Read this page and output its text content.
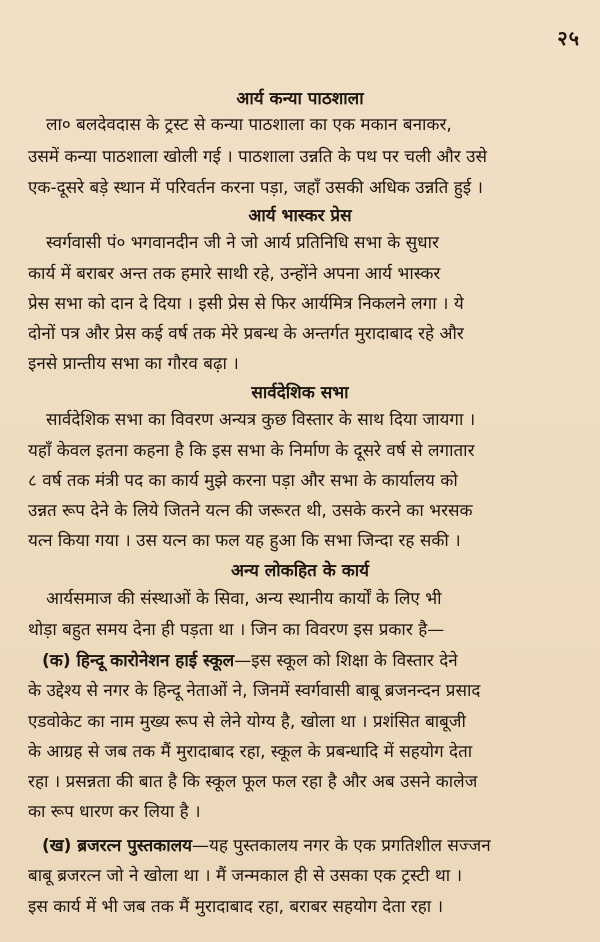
२५
आर्य कन्या पाठशाला
ला० बलदेवदास के ट्रस्ट से कन्या पाठशाला का एक मकान बनाकर,
उसमें कन्या पाठशाला खोली गई । पाठशाला उन्नति के पथ पर चली और उसे
एक-दूसरे बड़े स्थान में परिवर्तन करना पड़ा, जहाँ उसकी अधिक उन्नति हुई ।
आर्य भास्कर प्रेस
स्वर्गवासी पं० भगवानदीन जी ने जो आर्य प्रतिनिधि सभा के सुधार
कार्य में बराबर अन्त तक हमारे साथी रहे, उन्होंने अपना आर्य भास्कर
प्रेस सभा को दान दे दिया । इसी प्रेस से फिर आर्यमित्र निकलने लगा । ये
दोनों पत्र और प्रेस कई वर्ष तक मेरे प्रबन्ध के अन्तर्गत मुरादाबाद रहे और
इनसे प्रान्तीय सभा का गौरव बढ़ा ।
सार्वदेशिक सभा
सार्वदेशिक सभा का विवरण अन्यत्र कुछ विस्तार के साथ दिया जायगा ।
यहाँ केवल इतना कहना है कि इस सभा के निर्माण के दूसरे वर्ष से लगातार
८ वर्ष तक मंत्री पद का कार्य मुझे करना पड़ा और सभा के कार्यालय को
उन्नत रूप देने के लिये जितने यत्न की जरूरत थी, उसके करने का भरसक
यत्न किया गया । उस यत्न का फल यह हुआ कि सभा जिन्दा रह सकी ।
अन्य लोकहित के कार्य
आर्यसमाज की संस्थाओं के सिवा, अन्य स्थानीय कार्यों के लिए भी
थोड़ा बहुत समय देना ही पड़ता था । जिन का विवरण इस प्रकार है—
(क) हिन्दू कारोनेशन हाई स्कूल—इस स्कूल को शिक्षा के विस्तार देने
के उद्देश्य से नगर के हिन्दू नेताओं ने, जिनमें स्वर्गवासी बाबू ब्रजनन्दन प्रसाद
एडवोकेट का नाम मुख्य रूप से लेने योग्य है, खोला था । प्रशंसित बाबूजी
के आग्रह से जब तक मैं मुरादाबाद रहा, स्कूल के प्रबन्धादि में सहयोग देता
रहा । प्रसन्नता की बात है कि स्कूल फूल फल रहा है और अब उसने कालेज
का रूप धारण कर लिया है ।
(ख) ब्रजरत्न पुस्तकालय—यह पुस्तकालय नगर के एक प्रगतिशील सज्जन
बाबू ब्रजरत्न जो ने खोला था । मैं जन्मकाल ही से उसका एक ट्रस्टी था ।
इस कार्य में भी जब तक मैं मुरादाबाद रहा, बराबर सहयोग देता रहा ।
